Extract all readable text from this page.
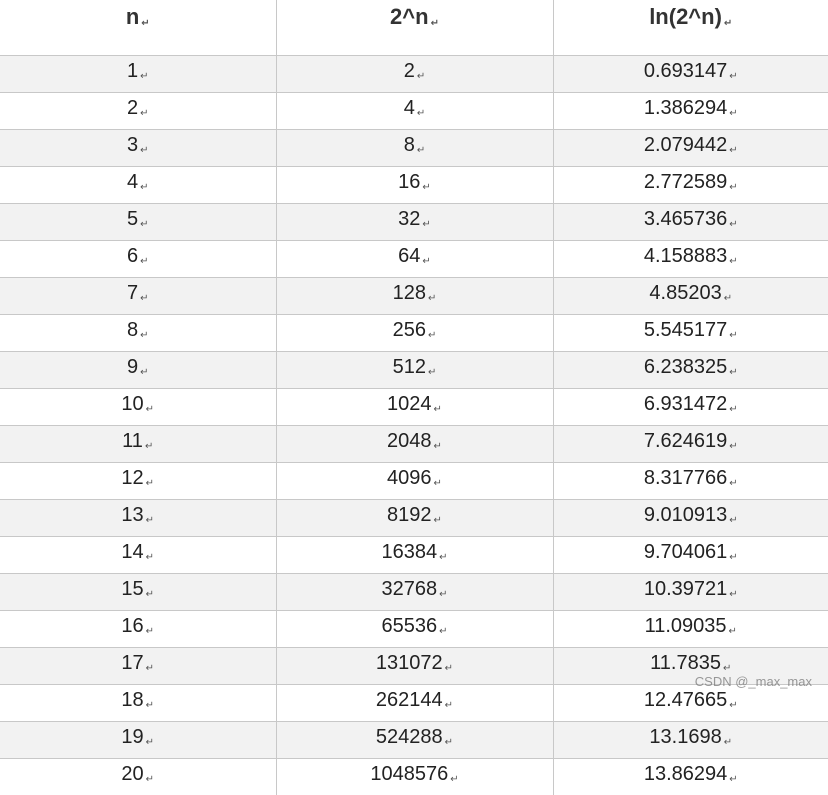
n ↵	2^n ↵	ln(2^n) ↵
1 ↵	2 ↵	0.693147 ↵
2 ↵	4 ↵	1.386294 ↵
3 ↵	8 ↵	2.079442 ↵
4 ↵	16 ↵	2.772589 ↵
5 ↵	32 ↵	3.465736 ↵
6 ↵	64 ↵	4.158883 ↵
7 ↵	128 ↵	4.85203 ↵
8 ↵	256 ↵	5.545177 ↵
9 ↵	512 ↵	6.238325 ↵
10 ↵	1024 ↵	6.931472 ↵
11 ↵	2048 ↵	7.624619 ↵
12 ↵	4096 ↵	8.317766 ↵
13 ↵	8192 ↵	9.010913 ↵
14 ↵	16384 ↵	9.704061 ↵
15 ↵	32768 ↵	10.39721 ↵
16 ↵	65536 ↵	11.09035 ↵
17 ↵	131072 ↵	11.7835 ↵
18 ↵	262144 ↵	12.47665 ↵
19 ↵	524288 ↵	13.1698 ↵
20 ↵	1048576 ↵	13.86294 ↵
CSDN @_max_max
